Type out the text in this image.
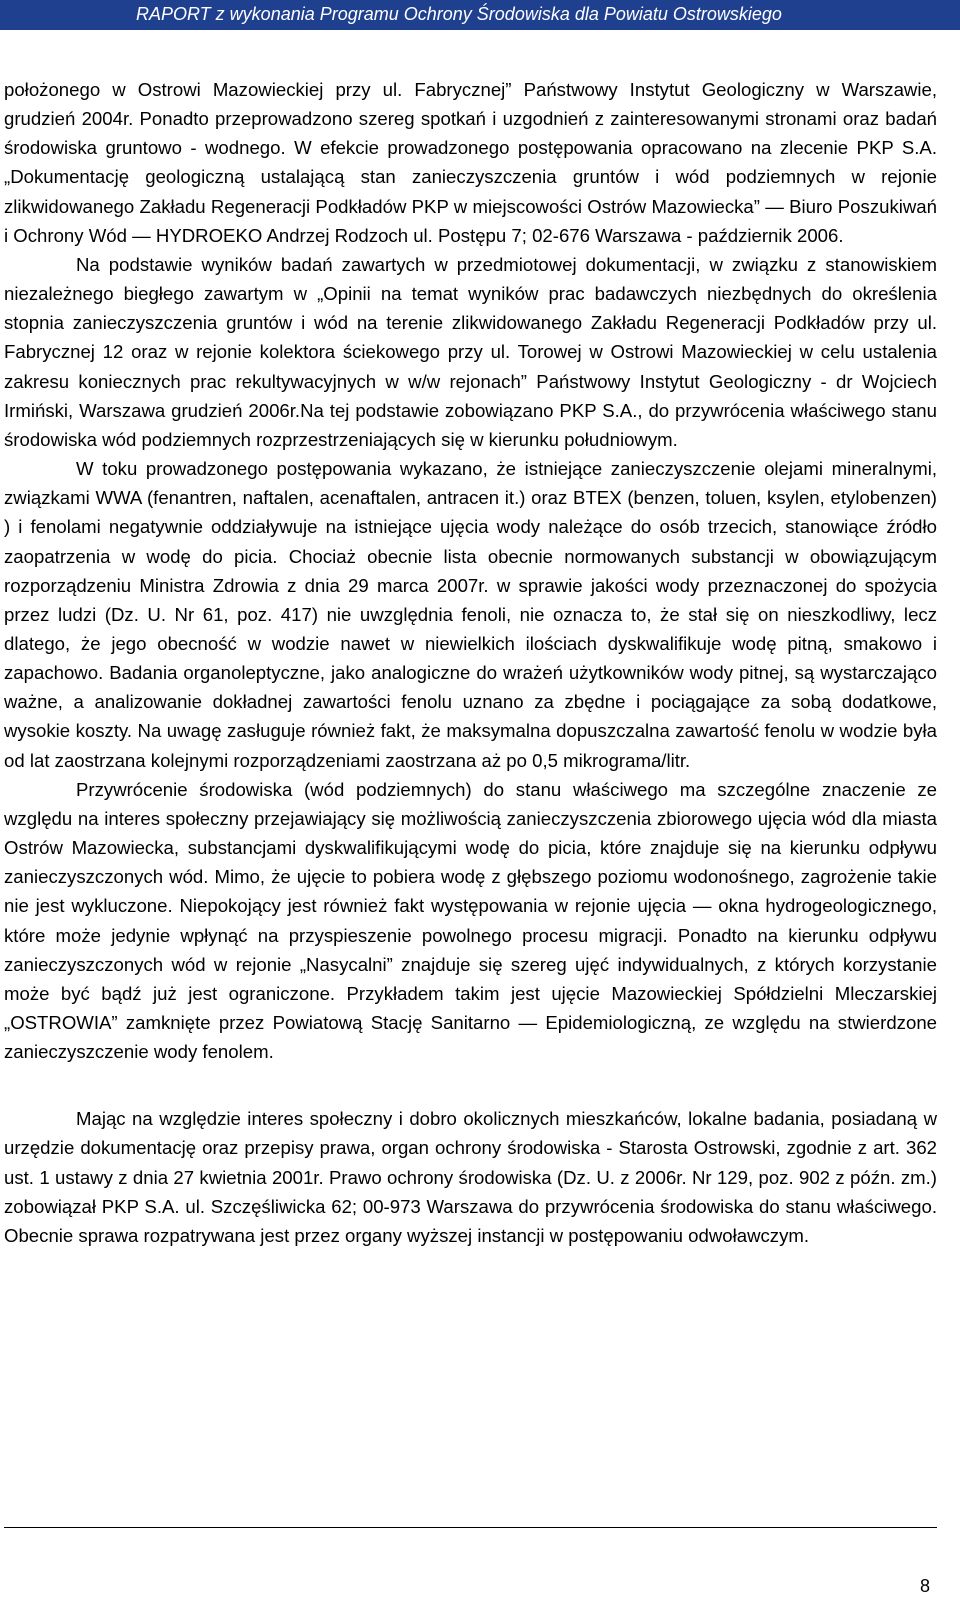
RAPORT z wykonania Programu Ochrony Środowiska dla Powiatu Ostrowskiego

położonego w Ostrowi Mazowieckiej przy ul. Fabrycznej” Państwowy Instytut Geologiczny w Warszawie, grudzień 2004r. Ponadto przeprowadzono szereg spotkań i uzgodnień z zainteresowanymi stronami oraz badań środowiska gruntowo - wodnego. W efekcie prowadzonego postępowania opracowano na zlecenie PKP S.A. „Dokumentację geologiczną ustalającą stan zanieczyszczenia gruntów i wód podziemnych w rejonie zlikwidowanego Zakładu Regeneracji Podkładów PKP w miejscowości Ostrów Mazowiecka” — Biuro Poszukiwań i Ochrony Wód — HYDROEKO Andrzej Rodzoch ul. Postępu 7; 02-676 Warszawa - październik 2006.

Na podstawie wyników badań zawartych w przedmiotowej dokumentacji, w związku z stanowiskiem niezależnego biegłego zawartym w „Opinii na temat wyników prac badawczych niezbędnych do określenia stopnia zanieczyszczenia gruntów i wód na terenie zlikwidowanego Zakładu Regeneracji Podkładów przy ul. Fabrycznej 12 oraz w rejonie kolektora ściekowego przy ul. Torowej w Ostrowi Mazowieckiej w celu ustalenia zakresu koniecznych prac rekultywacyjnych w w/w rejonach” Państwowy Instytut Geologiczny - dr Wojciech Irmiński, Warszawa grudzień 2006r.Na tej podstawie zobowiązano PKP S.A., do przywrócenia właściwego stanu środowiska wód podziemnych rozprzestrzeniających się w kierunku południowym.

W toku prowadzonego postępowania wykazano, że istniejące zanieczyszczenie olejami mineralnymi, związkami WWA (fenantren, naftalen, acenaftalen, antracen it.) oraz BTEX (benzen, toluen, ksylen, etylobenzen) ) i fenolami negatywnie oddziaływuje na istniejące ujęcia wody należące do osób trzecich, stanowiące źródło zaopatrzenia w wodę do picia. Chociaż obecnie lista obecnie normowanych substancji w obowiązującym rozporządzeniu Ministra Zdrowia z dnia 29 marca 2007r. w sprawie jakości wody przeznaczonej do spożycia przez ludzi (Dz. U. Nr 61, poz. 417) nie uwzględnia fenoli, nie oznacza to, że stał się on nieszkodliwy, lecz dlatego, że jego obecność w wodzie nawet w niewielkich ilościach dyskwalifikuje wodę pitną, smakowo i zapachowo. Badania organoleptyczne, jako analogiczne do wrażeń użytkowników wody pitnej, są wystarczająco ważne, a analizowanie dokładnej zawartości fenolu uznano za zbędne i pociągające za sobą dodatkowe, wysokie koszty. Na uwagę zasługuje również fakt, że maksymalna dopuszczalna zawartość fenolu w wodzie była od lat zaostrzana kolejnymi rozporządzeniami zaostrzana aż po 0,5 mikrograma/litr.

Przywrócenie środowiska (wód podziemnych) do stanu właściwego ma szczególne znaczenie ze względu na interes społeczny przejawiający się możliwością zanieczyszczenia zbiorowego ujęcia wód dla miasta Ostrów Mazowiecka, substancjami dyskwalifikującymi wodę do picia, które znajduje się na kierunku odpływu zanieczyszczonych wód. Mimo, że ujęcie to pobiera wodę z głębszego poziomu wodonośnego, zagrożenie takie nie jest wykluczone. Niepokojący jest również fakt występowania w rejonie ujęcia — okna hydrogeologicznego, które może jedynie wpłynąć na przyspieszenie powolnego procesu migracji. Ponadto na kierunku odpływu zanieczyszczonych wód w rejonie „Nasycalni” znajduje się szereg ujęć indywidualnych, z których korzystanie może być bądź już jest ograniczone. Przykładem takim jest ujęcie Mazowieckiej Spółdzielni Mleczarskiej „OSTROWIA” zamknięte przez Powiatową Stację Sanitarno — Epidemiologiczną, ze względu na stwierdzone zanieczyszczenie wody fenolem.

Mając na względzie interes społeczny i dobro okolicznych mieszkańców, lokalne badania, posiadaną w urzędzie dokumentację oraz przepisy prawa, organ ochrony środowiska - Starosta Ostrowski, zgodnie z art. 362 ust. 1 ustawy z dnia 27 kwietnia 2001r. Prawo ochrony środowiska (Dz. U. z 2006r. Nr 129, poz. 902 z późn. zm.) zobowiązał PKP S.A. ul. Szczęśliwicka 62; 00-973 Warszawa do przywrócenia środowiska do stanu właściwego. Obecnie sprawa rozpatrywana jest przez organy wyższej instancji w postępowaniu odwoławczym.

8
